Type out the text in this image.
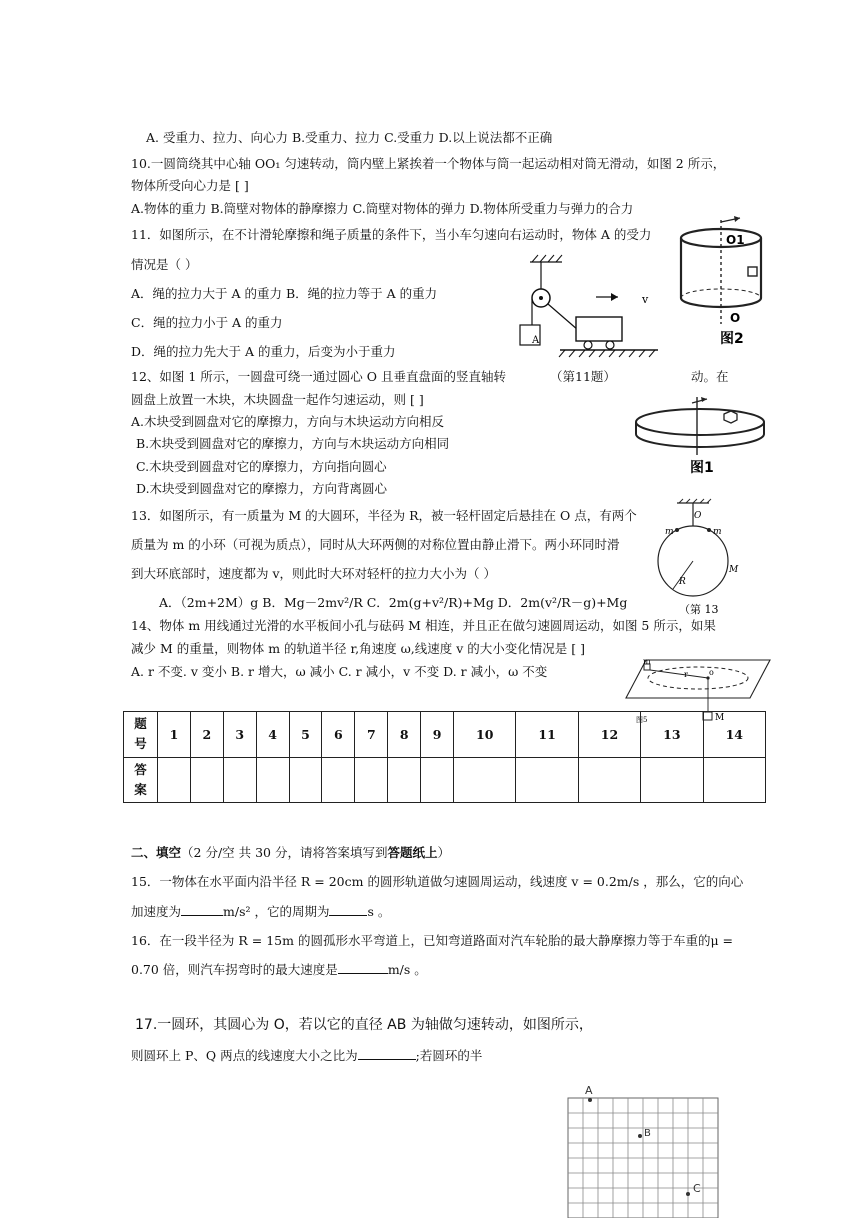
A. 受重力、拉力、向心力 B.受重力、拉力 C.受重力 D.以上说法都不正确
10.一圆筒绕其中心轴 OO₁ 匀速转动，筒内壁上紧挨着一个物体与筒一起运动相对筒无滑动，如图 2 所示，
物体所受向心力是 [ ]
A.物体的重力 B.筒壁对物体的静摩擦力 C.筒壁对物体的弹力 D.物体所受重力与弹力的合力
11．如图所示，在不计滑轮摩擦和绳子质量的条件下，当小车匀速向右运动时，物体 A 的受力
情况是（ ）
A．绳的拉力大于 A 的重力 B．绳的拉力等于 A 的重力
C．绳的拉力小于 A 的重力
D．绳的拉力先大于 A 的重力，后变为小于重力
A
v
O1
O
图2
12、如图 1 所示，一圆盘可绕一通过圆心 O 且垂直盘面的竖直轴转	（第11题）	动。在
圆盘上放置一木块，木块圆盘一起作匀速运动，则 [ ]
A.木块受到圆盘对它的摩擦力，方向与木块运动方向相反
B.木块受到圆盘对它的摩擦力，方向与木块运动方向相同
C.木块受到圆盘对它的摩擦力，方向指向圆心
D.木块受到圆盘对它的摩擦力，方向背离圆心
图1
13．如图所示，有一质量为 M 的大圆环，半径为 R，被一轻杆固定后悬挂在 O 点，有两个
质量为 m 的小环（可视为质点），同时从大环两侧的对称位置由静止滑下。两小环同时滑
到大环底部时，速度都为 v，则此时大环对轻杆的拉力大小为（ ）
A．（2m+2M）g B．Mg－2mv²/R C．2m(g+v²/R)+Mg D．2m(v²/R－g)+Mg
O
m	m
R
M
（第 13
14、物体 m 用线通过光滑的水平板间小孔与砝码 M 相连，并且正在做匀速圆周运动，如图 5 所示，如果
减少 M 的重量，则物体 m 的轨道半径 r,角速度 ω,线速度 v 的大小变化情况是 [ ]
A. r 不变. v 变小 B. r 增大，ω 减小 C. r 减小，v 不变 D. r 减小，ω 不变
m
r	o
M
图5
题
号	1	2	3	4	5	6	7	8	9	10	11	12	13	14
答
案														
二、填空（2 分/空 共 30 分，请将答案填写到答题纸上）
15．一物体在水平面内沿半径 R = 20cm 的圆形轨道做匀速圆周运动，线速度 v = 0.2m/s ，那么，它的向心
加速度为	m/s² ，它的周期为	s 。
16．在一段半径为 R = 15m 的圆孤形水平弯道上，已知弯道路面对汽车轮胎的最大静摩擦力等于车重的μ =
0.70 倍，则汽车拐弯时的最大速度是	m/s 。
17.一圆环，其圆心为 O，若以它的直径 AB 为轴做匀速转动，如图所示，
则圆环上 P、Q 两点的线速度大小之比为	;若圆环的半
A
B
C
